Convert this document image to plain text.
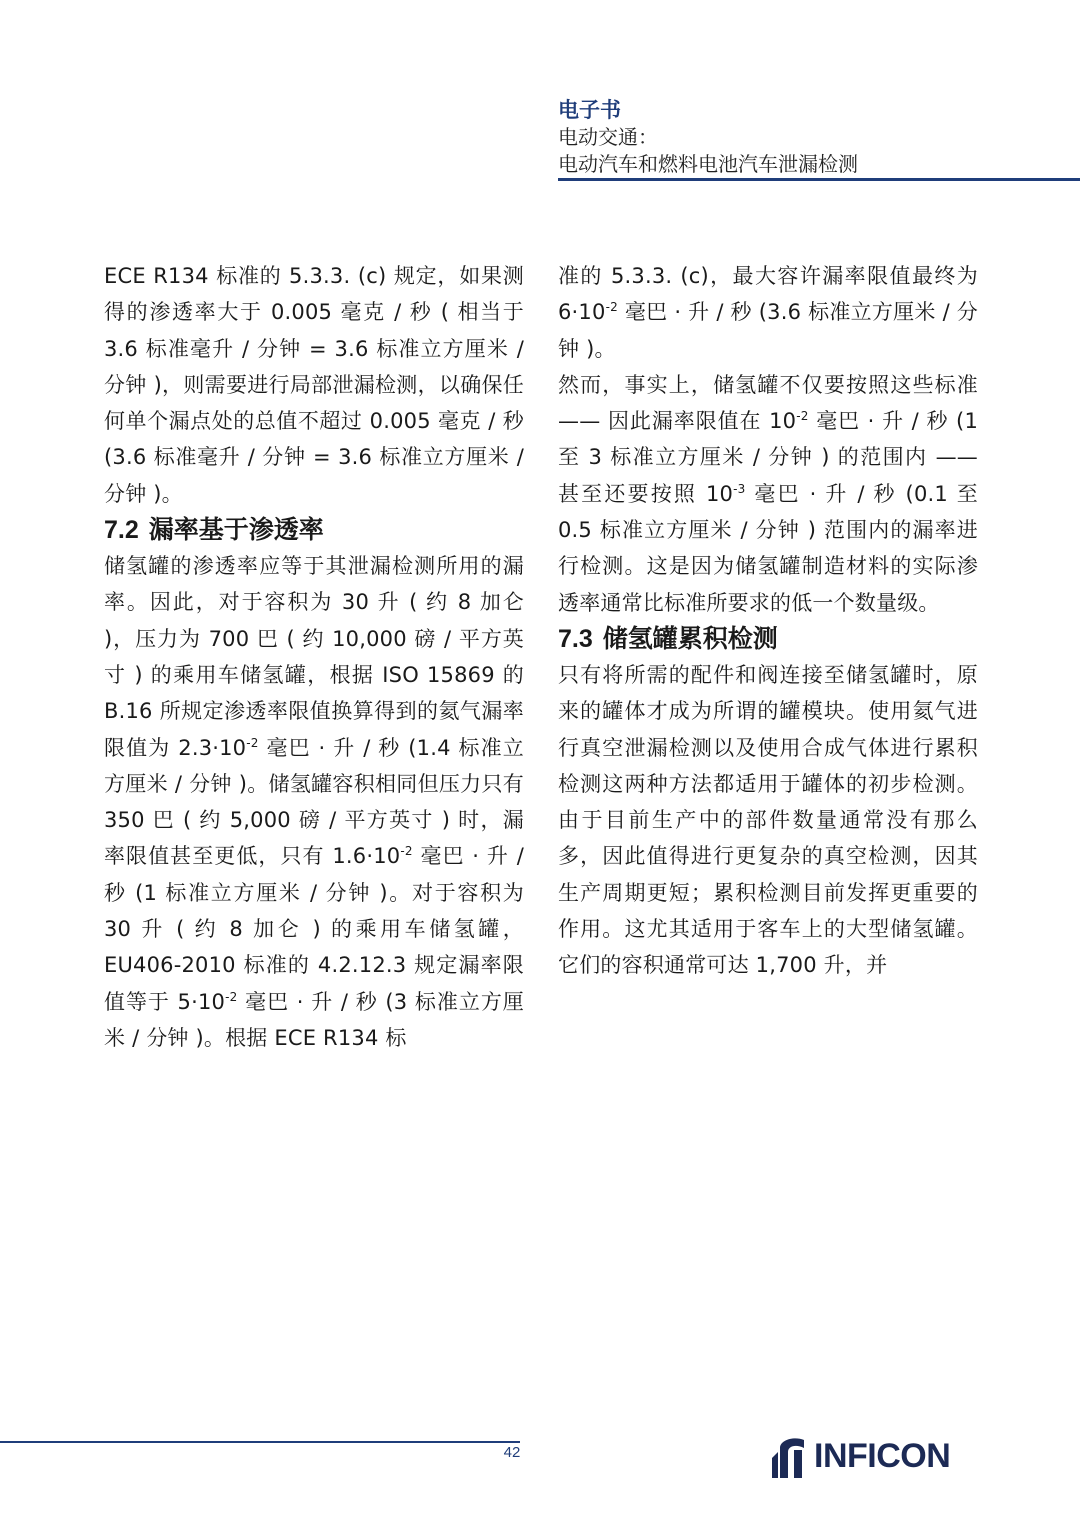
电子书
电动交通：
电动汽车和燃料电池汽车泄漏检测

ECE R134 标准的 5.3.3. (c) 规定，如果测得的渗透率大于 0.005 毫克 / 秒 ( 相当于 3.6 标准毫升 / 分钟 = 3.6 标准立方厘米 / 分钟 )，则需要进行局部泄漏检测，以确保任何单个漏点处的总值不超过 0.005 毫克 / 秒 (3.6 标准毫升 / 分钟 = 3.6 标准立方厘米 / 分钟 )。

7.2 漏率基于渗透率

储氢罐的渗透率应等于其泄漏检测所用的漏率。因此，对于容积为 30 升 ( 约 8 加仑 )，压力为 700 巴 ( 约 10,000 磅 / 平方英寸 ) 的乘用车储氢罐，根据 ISO 15869 的 B.16 所规定渗透率限值换算得到的氦气漏率限值为 $2.3\cdot 10^{-2}$ 毫巴 · 升 / 秒 (1.4 标准立方厘米 / 分钟 )。储氢罐容积相同但压力只有 350 巴 ( 约 5,000 磅 / 平方英寸 ) 时，漏率限值甚至更低，只有 $1.6\cdot 10^{-2}$ 毫巴 · 升 / 秒 (1 标准立方厘米 / 分钟 )。对于容积为 30 升 ( 约 8 加仑 ) 的乘用车储氢罐，EU406-2010 标准的 4.2.12.3 规定漏率限值等于 $5\cdot 10^{-2}$ 毫巴 · 升 / 秒 (3 标准立方厘米 / 分钟 )。根据 ECE R134 标

准的 5.3.3. (c)，最大容许漏率限值最终为 $6\cdot 10^{-2}$ 毫巴 · 升 / 秒 (3.6 标准立方厘米 / 分钟 )。

然而，事实上，储氢罐不仅要按照这些标准 —— 因此漏率限值在 $10^{-2}$ 毫巴 · 升 / 秒 (1 至 3 标准立方厘米 / 分钟 ) 的范围内 —— 甚至还要按照 $10^{-3}$ 毫巴 · 升 / 秒 (0.1 至 0.5 标准立方厘米 / 分钟 ) 范围内的漏率进行检测。这是因为储氢罐制造材料的实际渗透率通常比标准所要求的低一个数量级。

7.3 储氢罐累积检测

只有将所需的配件和阀连接至储氢罐时，原来的罐体才成为所谓的罐模块。使用氦气进行真空泄漏检测以及使用合成气体进行累积检测这两种方法都适用于罐体的初步检测。由于目前生产中的部件数量通常没有那么多，因此值得进行更复杂的真空检测，因其生产周期更短；累积检测目前发挥更重要的作用。这尤其适用于客车上的大型储氢罐。它们的容积通常可达 1,700 升，并

42	INFICON
